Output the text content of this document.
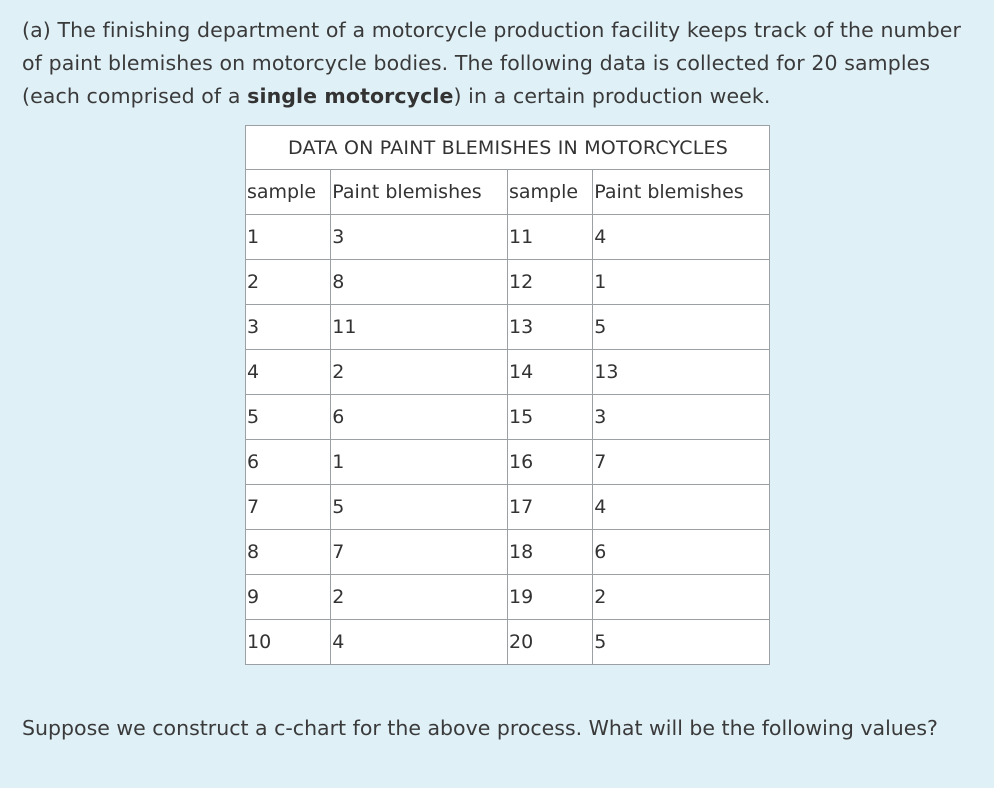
(a) The finishing department of a motorcycle production facility keeps track of the number of paint blemishes on motorcycle bodies. The following data is collected for 20 samples (each comprised of a single motorcycle) in a certain production week.
DATA ON PAINT BLEMISHES IN MOTORCYCLES			
sample	Paint blemishes	sample	Paint blemishes
1	3	11	4
2	8	12	1
3	11	13	5
4	2	14	13
5	6	15	3
6	1	16	7
7	5	17	4
8	7	18	6
9	2	19	2
10	4	20	5
Suppose we construct a c-chart for the above process. What will be the following values?
